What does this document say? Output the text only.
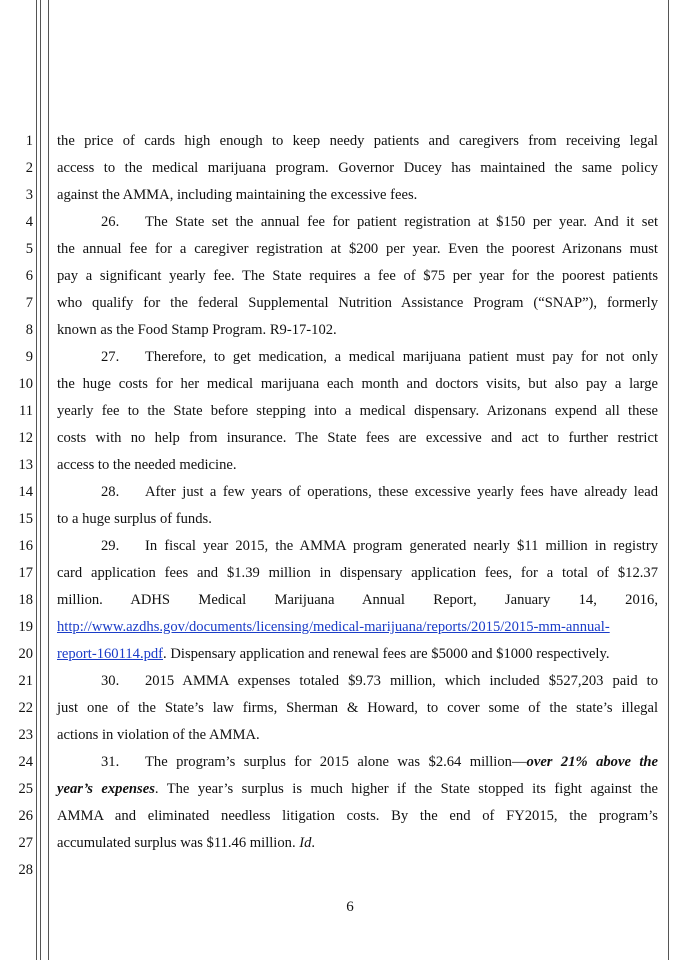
1
2
3
4
5
6
7
8
9
10
11
12
13
14
15
16
17
18
19
20
21
22
23
24
25
26
27
28
the price of cards high enough to keep needy patients and caregivers from receiving legal
access to the medical marijuana program. Governor Ducey has maintained the same policy
against the AMMA, including maintaining the excessive fees.
26. The State set the annual fee for patient registration at $150 per year. And it set
the annual fee for a caregiver registration at $200 per year. Even the poorest Arizonans must
pay a significant yearly fee. The State requires a fee of $75 per year for the poorest patients
who qualify for the federal Supplemental Nutrition Assistance Program (“SNAP”), formerly
known as the Food Stamp Program. R9-17-102.
27. Therefore, to get medication, a medical marijuana patient must pay for not only
the huge costs for her medical marijuana each month and doctors visits, but also pay a large
yearly fee to the State before stepping into a medical dispensary. Arizonans expend all these
costs with no help from insurance. The State fees are excessive and act to further restrict
access to the needed medicine.
28. After just a few years of operations, these excessive yearly fees have already lead
to a huge surplus of funds.
29. In fiscal year 2015, the AMMA program generated nearly $11 million in registry
card application fees and $1.39 million in dispensary application fees, for a total of $12.37
million. ADHS Medical Marijuana Annual Report, January 14, 2016,
http://www.azdhs.gov/documents/licensing/medical-marijuana/reports/2015/2015-mm-annual-
report-160114.pdf. Dispensary application and renewal fees are $5000 and $1000 respectively.
30. 2015 AMMA expenses totaled $9.73 million, which included $527,203 paid to
just one of the State’s law firms, Sherman & Howard, to cover some of the state’s illegal
actions in violation of the AMMA.
31. The program’s surplus for 2015 alone was $2.64 million—over 21% above the
year’s expenses. The year’s surplus is much higher if the State stopped its fight against the
AMMA and eliminated needless litigation costs. By the end of FY2015, the program’s
accumulated surplus was $11.46 million. Id.
6
